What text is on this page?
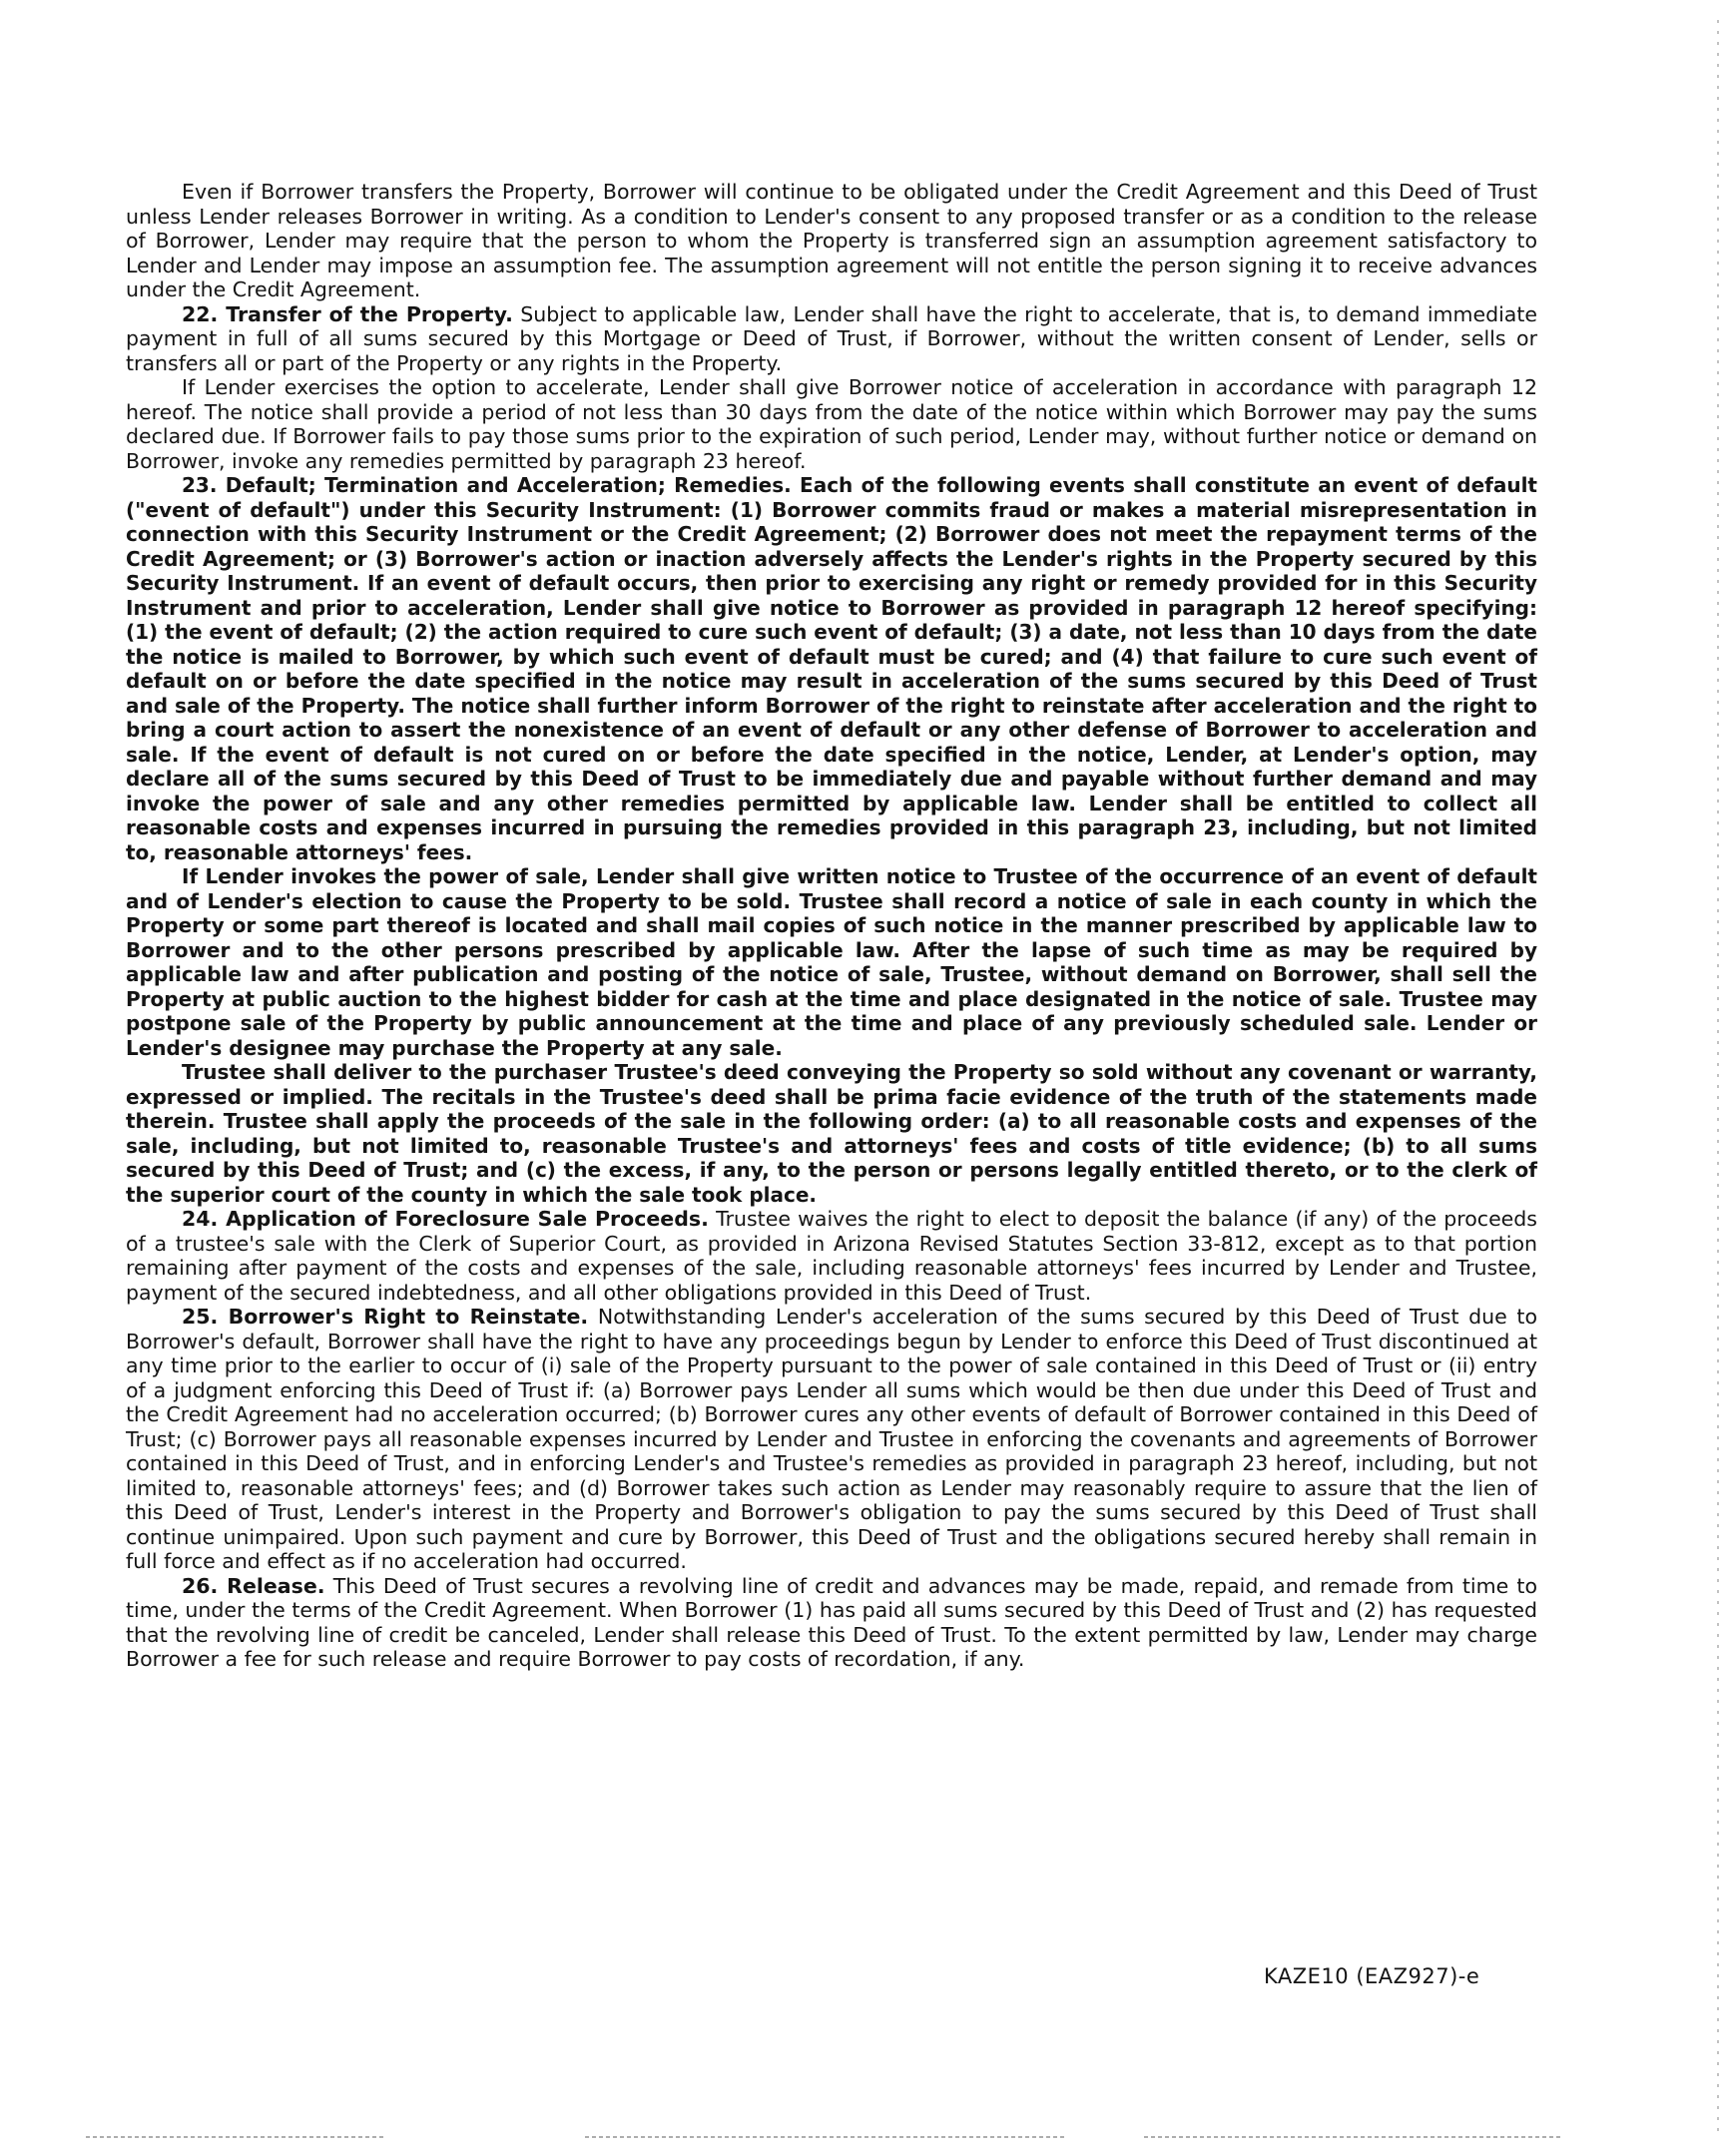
Even if Borrower transfers the Property, Borrower will continue to be obligated under the Credit Agreement and this Deed of Trust unless Lender releases Borrower in writing. As a condition to Lender's consent to any proposed transfer or as a condition to the release of Borrower, Lender may require that the person to whom the Property is transferred sign an assumption agreement satisfactory to Lender and Lender may impose an assumption fee. The assumption agreement will not entitle the person signing it to receive advances under the Credit Agreement.

22. Transfer of the Property. Subject to applicable law, Lender shall have the right to accelerate, that is, to demand immediate payment in full of all sums secured by this Mortgage or Deed of Trust, if Borrower, without the written consent of Lender, sells or transfers all or part of the Property or any rights in the Property.

If Lender exercises the option to accelerate, Lender shall give Borrower notice of acceleration in accordance with paragraph 12 hereof. The notice shall provide a period of not less than 30 days from the date of the notice within which Borrower may pay the sums declared due. If Borrower fails to pay those sums prior to the expiration of such period, Lender may, without further notice or demand on Borrower, invoke any remedies permitted by paragraph 23 hereof.

23. Default; Termination and Acceleration; Remedies. Each of the following events shall constitute an event of default ("event of default") under this Security Instrument: (1) Borrower commits fraud or makes a material misrepresentation in connection with this Security Instrument or the Credit Agreement; (2) Borrower does not meet the repayment terms of the Credit Agreement; or (3) Borrower's action or inaction adversely affects the Lender's rights in the Property secured by this Security Instrument. If an event of default occurs, then prior to exercising any right or remedy provided for in this Security Instrument and prior to acceleration, Lender shall give notice to Borrower as provided in paragraph 12 hereof specifying: (1) the event of default; (2) the action required to cure such event of default; (3) a date, not less than 10 days from the date the notice is mailed to Borrower, by which such event of default must be cured; and (4) that failure to cure such event of default on or before the date specified in the notice may result in acceleration of the sums secured by this Deed of Trust and sale of the Property. The notice shall further inform Borrower of the right to reinstate after acceleration and the right to bring a court action to assert the nonexistence of an event of default or any other defense of Borrower to acceleration and sale. If the event of default is not cured on or before the date specified in the notice, Lender, at Lender's option, may declare all of the sums secured by this Deed of Trust to be immediately due and payable without further demand and may invoke the power of sale and any other remedies permitted by applicable law. Lender shall be entitled to collect all reasonable costs and expenses incurred in pursuing the remedies provided in this paragraph 23, including, but not limited to, reasonable attorneys' fees.

If Lender invokes the power of sale, Lender shall give written notice to Trustee of the occurrence of an event of default and of Lender's election to cause the Property to be sold. Trustee shall record a notice of sale in each county in which the Property or some part thereof is located and shall mail copies of such notice in the manner prescribed by applicable law to Borrower and to the other persons prescribed by applicable law. After the lapse of such time as may be required by applicable law and after publication and posting of the notice of sale, Trustee, without demand on Borrower, shall sell the Property at public auction to the highest bidder for cash at the time and place designated in the notice of sale. Trustee may postpone sale of the Property by public announcement at the time and place of any previously scheduled sale. Lender or Lender's designee may purchase the Property at any sale.

Trustee shall deliver to the purchaser Trustee's deed conveying the Property so sold without any covenant or warranty, expressed or implied. The recitals in the Trustee's deed shall be prima facie evidence of the truth of the statements made therein. Trustee shall apply the proceeds of the sale in the following order: (a) to all reasonable costs and expenses of the sale, including, but not limited to, reasonable Trustee's and attorneys' fees and costs of title evidence; (b) to all sums secured by this Deed of Trust; and (c) the excess, if any, to the person or persons legally entitled thereto, or to the clerk of the superior court of the county in which the sale took place.

24. Application of Foreclosure Sale Proceeds. Trustee waives the right to elect to deposit the balance (if any) of the proceeds of a trustee's sale with the Clerk of Superior Court, as provided in Arizona Revised Statutes Section 33-812, except as to that portion remaining after payment of the costs and expenses of the sale, including reasonable attorneys' fees incurred by Lender and Trustee, payment of the secured indebtedness, and all other obligations provided in this Deed of Trust.

25. Borrower's Right to Reinstate. Notwithstanding Lender's acceleration of the sums secured by this Deed of Trust due to Borrower's default, Borrower shall have the right to have any proceedings begun by Lender to enforce this Deed of Trust discontinued at any time prior to the earlier to occur of (i) sale of the Property pursuant to the power of sale contained in this Deed of Trust or (ii) entry of a judgment enforcing this Deed of Trust if: (a) Borrower pays Lender all sums which would be then due under this Deed of Trust and the Credit Agreement had no acceleration occurred; (b) Borrower cures any other events of default of Borrower contained in this Deed of Trust; (c) Borrower pays all reasonable expenses incurred by Lender and Trustee in enforcing the covenants and agreements of Borrower contained in this Deed of Trust, and in enforcing Lender's and Trustee's remedies as provided in paragraph 23 hereof, including, but not limited to, reasonable attorneys' fees; and (d) Borrower takes such action as Lender may reasonably require to assure that the lien of this Deed of Trust, Lender's interest in the Property and Borrower's obligation to pay the sums secured by this Deed of Trust shall continue unimpaired. Upon such payment and cure by Borrower, this Deed of Trust and the obligations secured hereby shall remain in full force and effect as if no acceleration had occurred.

26. Release. This Deed of Trust secures a revolving line of credit and advances may be made, repaid, and remade from time to time, under the terms of the Credit Agreement. When Borrower (1) has paid all sums secured by this Deed of Trust and (2) has requested that the revolving line of credit be canceled, Lender shall release this Deed of Trust. To the extent permitted by law, Lender may charge Borrower a fee for such release and require Borrower to pay costs of recordation, if any.

KAZE10 (EAZ927)-e
